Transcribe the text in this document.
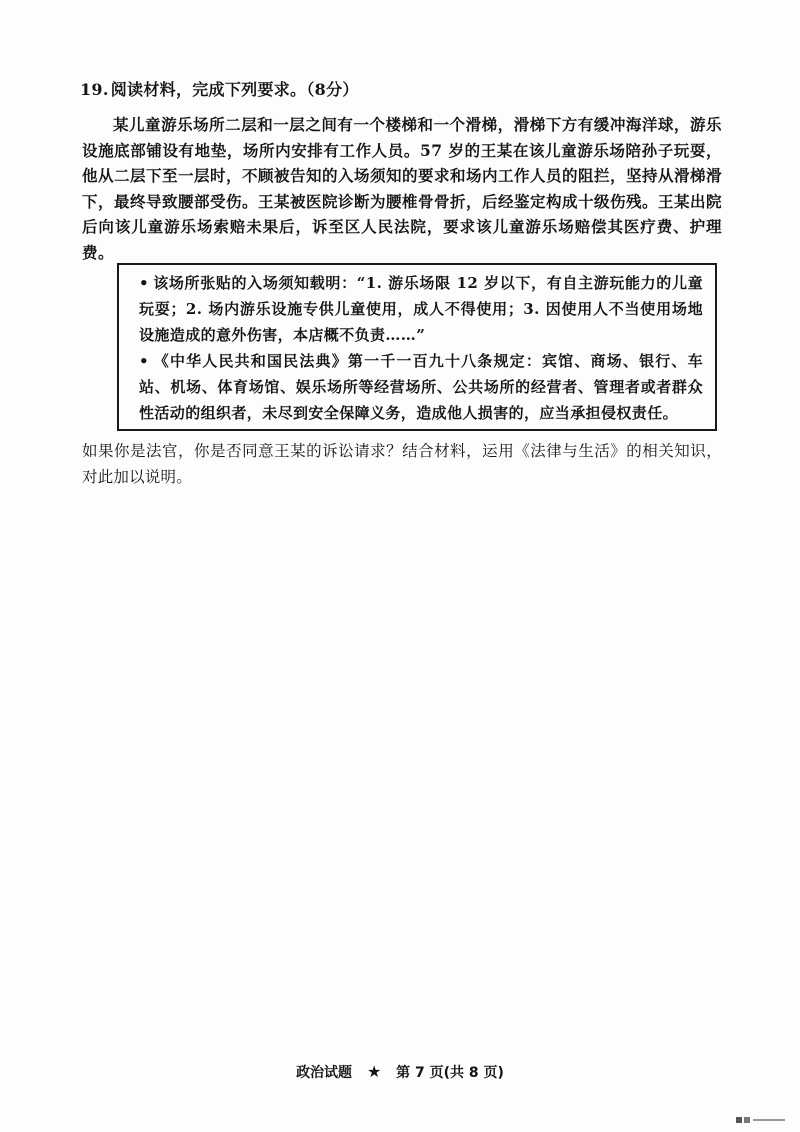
19. 阅读材料，完成下列要求。（8分）
某儿童游乐场所二层和一层之间有一个楼梯和一个滑梯，滑梯下方有缓冲海洋球，游乐设施底部铺设有地垫，场所内安排有工作人员。57 岁的王某在该儿童游乐场陪孙子玩耍，他从二层下至一层时，不顾被告知的入场须知的要求和场内工作人员的阻拦，坚持从滑梯滑下，最终导致腰部受伤。王某被医院诊断为腰椎骨骨折，后经鉴定构成十级伤残。王某出院后向该儿童游乐场索赔未果后，诉至区人民法院，要求该儿童游乐场赔偿其医疗费、护理费。
• 该场所张贴的入场须知载明：“1. 游乐场限 12 岁以下，有自主游玩能力的儿童玩耍；2. 场内游乐设施专供儿童使用，成人不得使用；3. 因使用人不当使用场地设施造成的意外伤害，本店概不负责……”
• 《中华人民共和国民法典》第一千一百九十八条规定：宾馆、商场、银行、车站、机场、体育场馆、娱乐场所等经营场所、公共场所的经营者、管理者或者群众性活动的组织者，未尽到安全保障义务，造成他人损害的，应当承担侵权责任。
如果你是法官，你是否同意王某的诉讼请求？结合材料，运用《法律与生活》的相关知识，对此加以说明。
政治试题 ★ 第 7 页(共 8 页)
